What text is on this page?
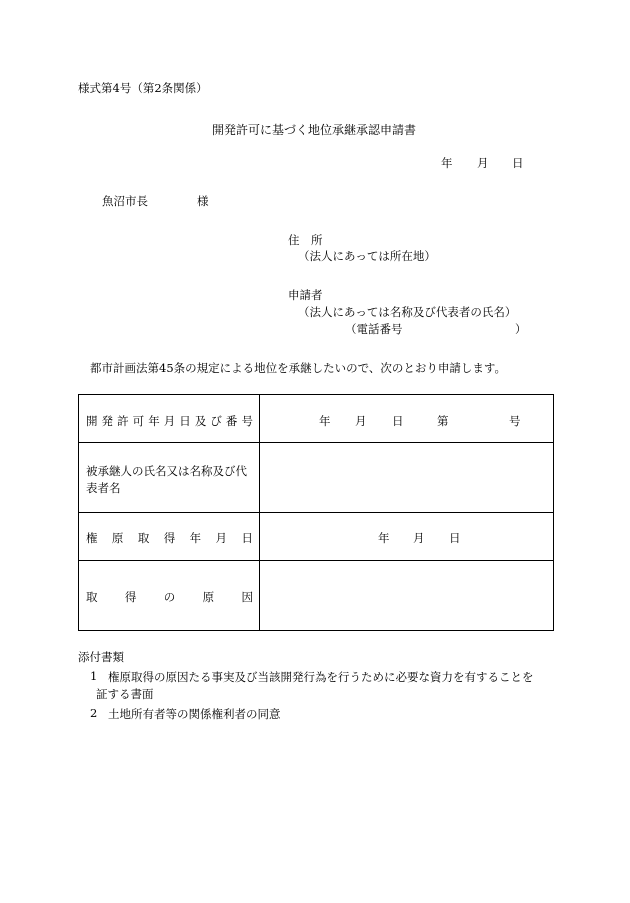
様式第4号（第2条関係）
開発許可に基づく地位承継承認申請書
年 月 日
魚沼市長	様
住　所
（法人にあっては所在地）
申請者
（法人にあっては名称及び代表者の氏名）
（電話番号	）
都市計画法第45条の規定による地位を承継したいので、次のとおり申請します。
開 発 許 可 年 月 日 及 び 番 号	年 月 日	第	号
被承継人の氏名又は名称及び代
表者名
権 原 取 得 年 月 日	年 月 日
取 得 の 原 因
添付書類
1 権原取得の原因たる事実及び当該開発行為を行うために必要な資力を有することを
証する書面
2 土地所有者等の関係権利者の同意
